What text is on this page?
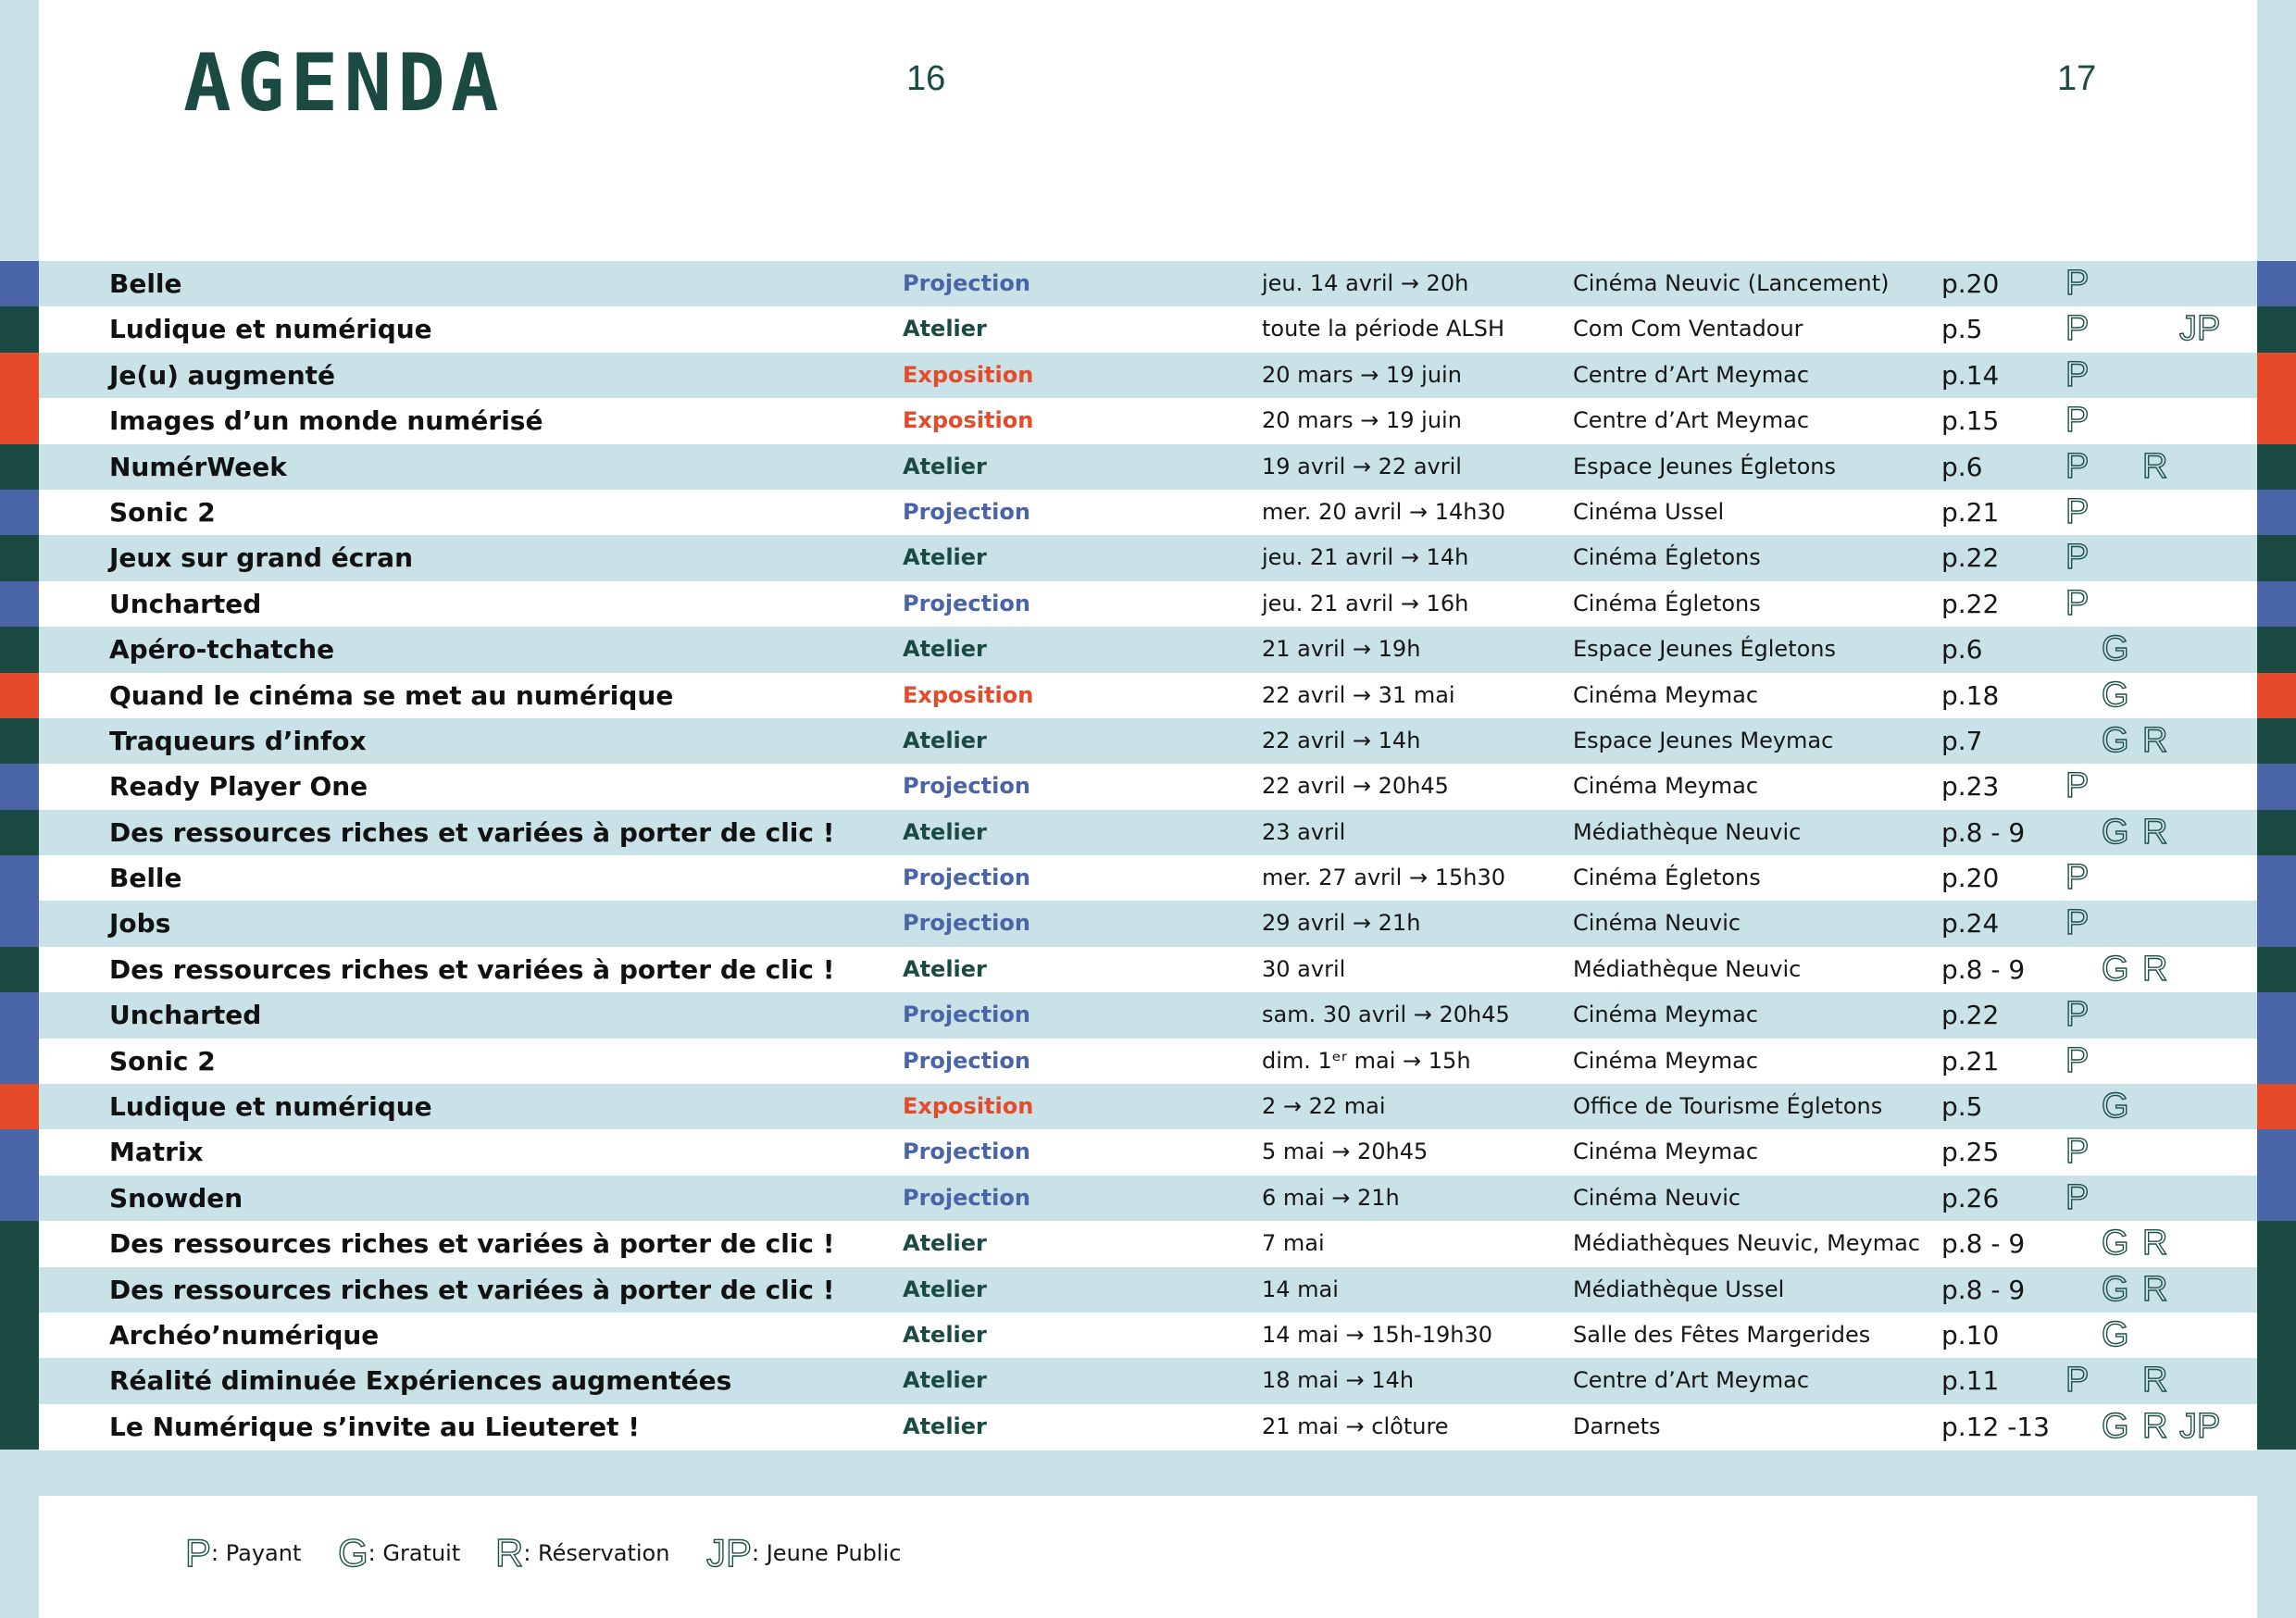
AGENDA	16	17
Belle	Projection	jeu. 14 avril → 20h	Cinéma Neuvic (Lancement) p.20 P
Ludique et numérique	Atelier	toute la période ALSH	Com Com Ventadour	p.5 P	JP
Je(u) augmenté	Exposition	20 mars → 19 juin	Centre d’Art Meymac	p.14 P
Images d’un monde numérisé	Exposition	20 mars → 19 juin	Centre d’Art Meymac	p.15 P
NumérWeek	Atelier	19 avril → 22 avril	Espace Jeunes Égletons	p.6 P R
Sonic 2	Projection	mer. 20 avril → 14h30	Cinéma Ussel	p.21 P
Jeux sur grand écran	Atelier	jeu. 21 avril → 14h	Cinéma Égletons	p.22 P
Uncharted	Projection	jeu. 21 avril → 16h	Cinéma Égletons	p.22 P
Apéro-tchatche	Atelier	21 avril → 19h	Espace Jeunes Égletons	p.6	G
Quand le cinéma se met au numérique	Exposition	22 avril → 31 mai	Cinéma Meymac	p.18	G
Traqueurs d’infox	Atelier	22 avril → 14h	Espace Jeunes Meymac	p.7	G R
Ready Player One	Projection	22 avril → 20h45	Cinéma Meymac	p.23 P
Des ressources riches et variées à porter de clic !	Atelier	23 avril	Médiathèque Neuvic	p.8 - 9 G R
Belle	Projection	mer. 27 avril → 15h30	Cinéma Égletons	p.20 P
Jobs	Projection	29 avril → 21h	Cinéma Neuvic	p.24 P
Des ressources riches et variées à porter de clic !	Atelier	30 avril	Médiathèque Neuvic	p.8 - 9 G R
Uncharted	Projection	sam. 30 avril → 20h45	Cinéma Meymac	p.22 P
Sonic 2	Projection	dim. 1ᵉʳ mai → 15h	Cinéma Meymac	p.21 P
Ludique et numérique	Exposition	2 → 22 mai	Office de Tourisme Égletons p.5	G
Matrix	Projection	5 mai → 20h45	Cinéma Meymac	p.25 P
Snowden	Projection	6 mai → 21h	Cinéma Neuvic	p.26 P
Des ressources riches et variées à porter de clic !	Atelier	7 mai	Médiathèques Neuvic, Meymac p.8 - 9 G R
Des ressources riches et variées à porter de clic !	Atelier	14 mai	Médiathèque Ussel	p.8 - 9 G R
Archéo’numérique	Atelier	14 mai → 15h-19h30	Salle des Fêtes Margerides	p.10	G
Réalité diminuée Expériences augmentées	Atelier	18 mai → 14h	Centre d’Art Meymac	p.11 P R
Le Numérique s’invite au Lieuteret !	Atelier	21 mai → clôture	Darnets	p.12 -13 G R JP
P: Payant G: Gratuit R: Réservation JP: Jeune Public
